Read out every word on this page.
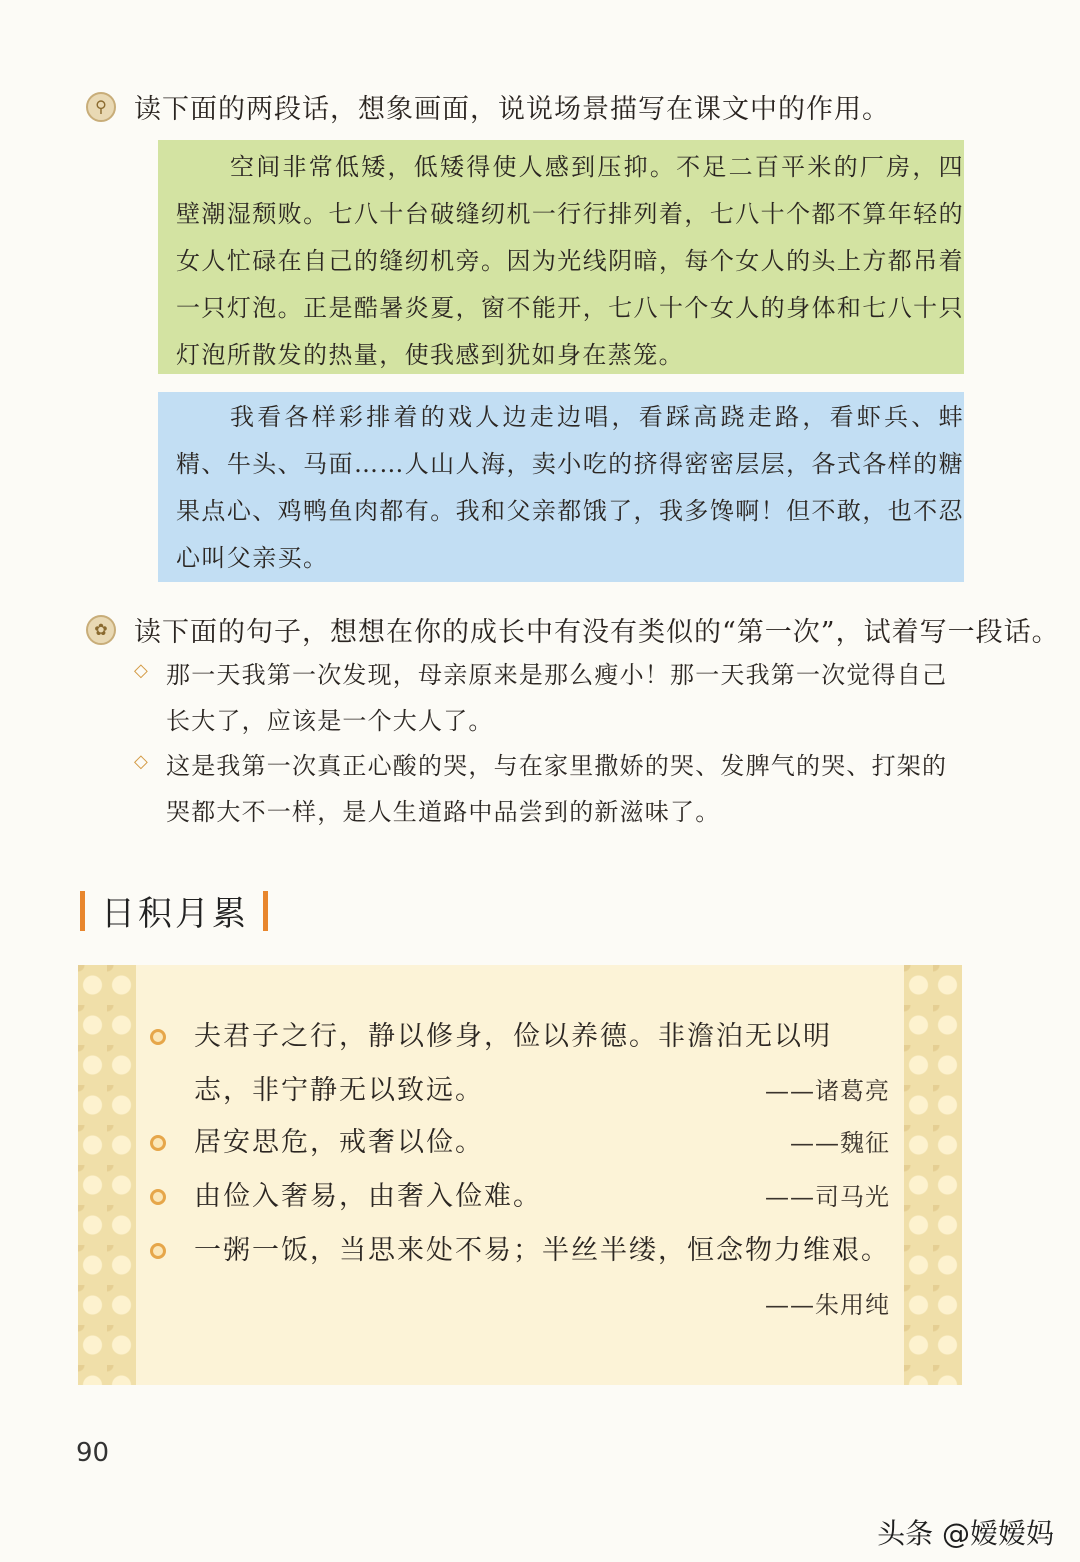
⚲	读下面的两段话，想象画面，说说场景描写在课文中的作用。

空间非常低矮，低矮得使人感到压抑。不足二百平米的厂房，四壁潮湿颓败。七八十台破缝纫机一行行排列着，七八十个都不算年轻的女人忙碌在自己的缝纫机旁。因为光线阴暗，每个女人的头上方都吊着一只灯泡。正是酷暑炎夏，窗不能开，七八十个女人的身体和七八十只灯泡所散发的热量，使我感到犹如身在蒸笼。

我看各样彩排着的戏人边走边唱，看踩高跷走路，看虾兵、蚌精、牛头、马面……人山人海，卖小吃的挤得密密层层，各式各样的糖果点心、鸡鸭鱼肉都有。我和父亲都饿了，我多馋啊！但不敢，也不忍心叫父亲买。

✿ 读下面的句子，想想在你的成长中有没有类似的“第一次”，试着写一段话。
◇ 那一天我第一次发现，母亲原来是那么瘦小！那一天我第一次觉得自己长大了，应该是一个大人了。
◇ 这是我第一次真正心酸的哭，与在家里撒娇的哭、发脾气的哭、打架的哭都大不一样，是人生道路中品尝到的新滋味了。
日积月累
夫君子之行，静以修身，俭以养德。非澹泊无以明
志，非宁静无以致远。	——诸葛亮
居安思危，戒奢以俭。	——魏征
由俭入奢易，由奢入俭难。	——司马光
一粥一饭，当思来处不易；半丝半缕，恒念物力维艰。
——朱用纯
90
头条 @嫒嫒妈
